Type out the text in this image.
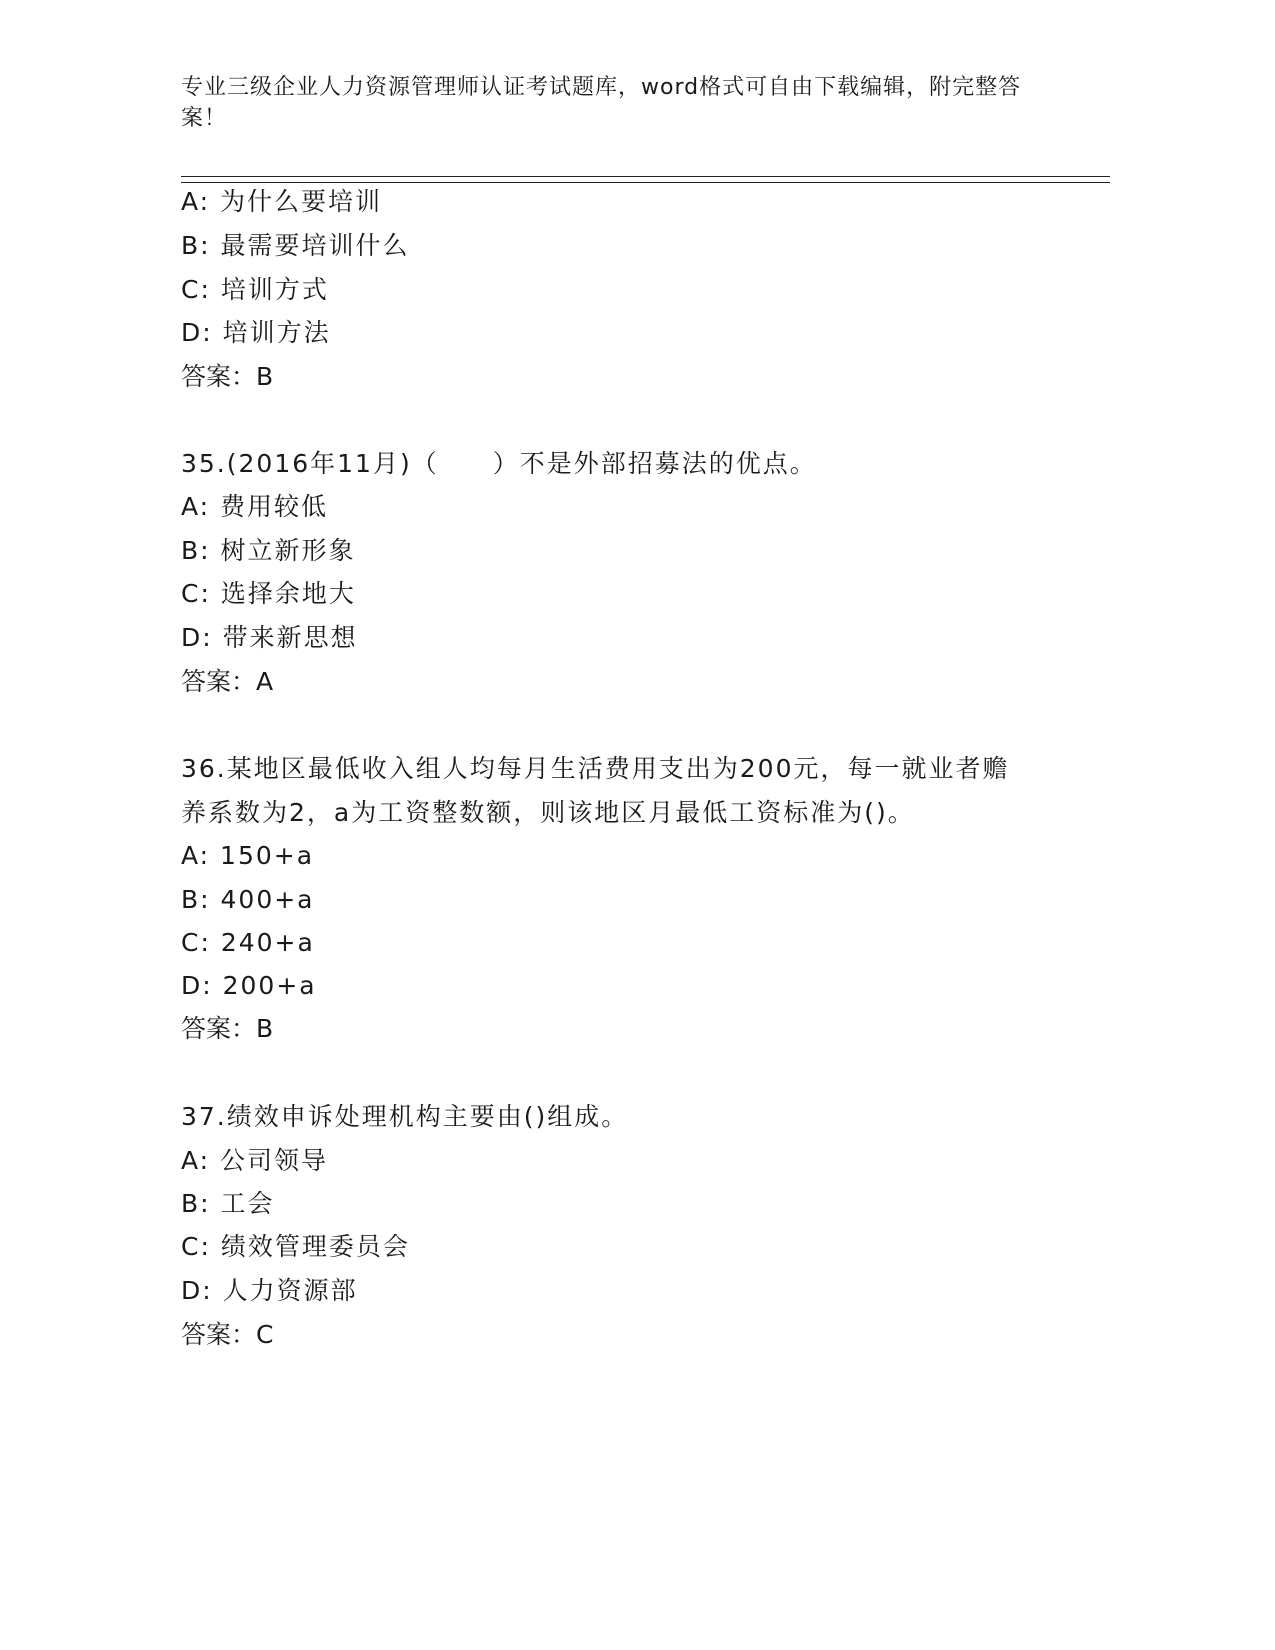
专业三级企业人力资源管理师认证考试题库，word格式可自由下载编辑，附完整答案！
A: 为什么要培训
B: 最需要培训什么
C: 培训方式
D: 培训方法
答案：B
35.(2016年11月)（　　）不是外部招募法的优点。
A: 费用较低
B: 树立新形象
C: 选择余地大
D: 带来新思想
答案：A
36.某地区最低收入组人均每月生活费用支出为200元，每一就业者赡
养系数为2，a为工资整数额，则该地区月最低工资标准为()。
A: 150+a
B: 400+a
C: 240+a
D: 200+a
答案：B
37.绩效申诉处理机构主要由()组成。
A: 公司领导
B: 工会
C: 绩效管理委员会
D: 人力资源部
答案：C
